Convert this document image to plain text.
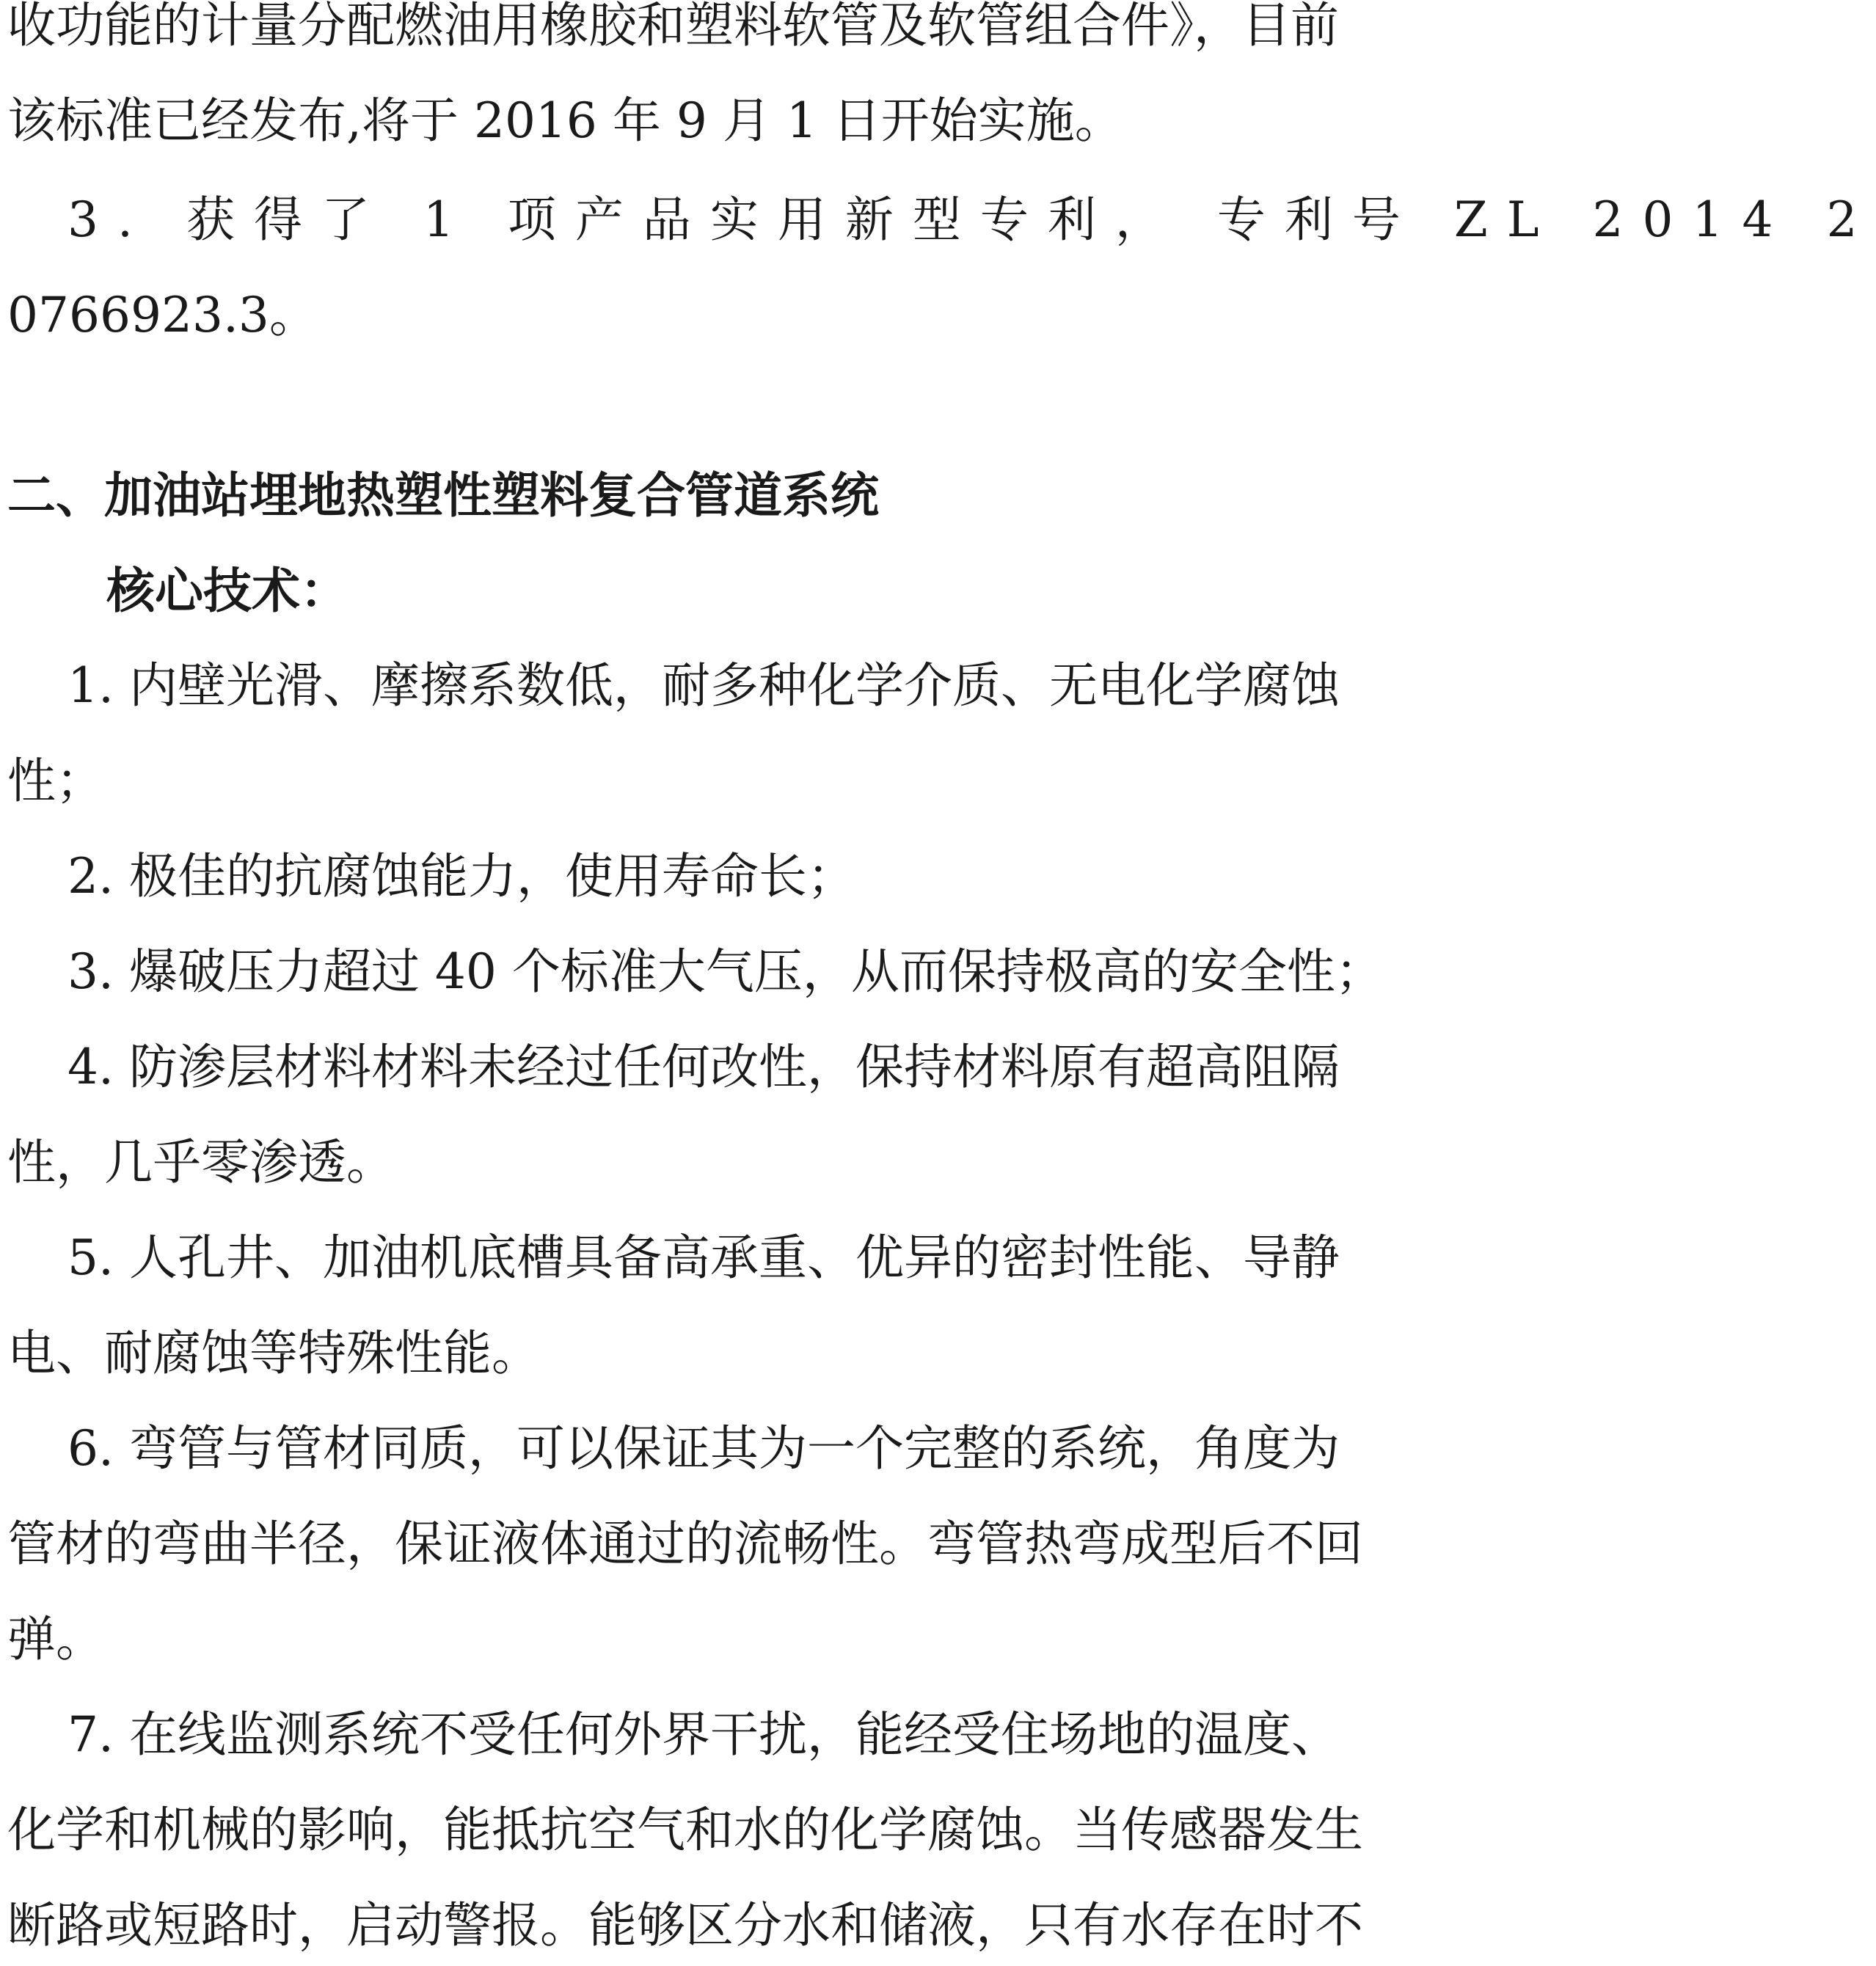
收功能的计量分配燃油用橡胶和塑料软管及软管组合件》，目前
该标准已经发布,将于 2016 年 9 月 1 日开始实施。
3. 获得了 1 项产品实用新型专利， 专利号 ZL 2014 2
0766923.3。
二、加油站埋地热塑性塑料复合管道系统
核心技术：
1. 内壁光滑、摩擦系数低，耐多种化学介质、无电化学腐蚀
性；
2. 极佳的抗腐蚀能力，使用寿命长；
3. 爆破压力超过 40 个标准大气压，从而保持极高的安全性；
4. 防渗层材料材料未经过任何改性，保持材料原有超高阻隔
性，几乎零渗透。
5. 人孔井、加油机底槽具备高承重、优异的密封性能、导静
电、耐腐蚀等特殊性能。
6. 弯管与管材同质，可以保证其为一个完整的系统，角度为
管材的弯曲半径，保证液体通过的流畅性。弯管热弯成型后不回
弹。
7. 在线监测系统不受任何外界干扰，能经受住场地的温度、
化学和机械的影响，能抵抗空气和水的化学腐蚀。当传感器发生
断路或短路时，启动警报。能够区分水和储液，只有水存在时不
